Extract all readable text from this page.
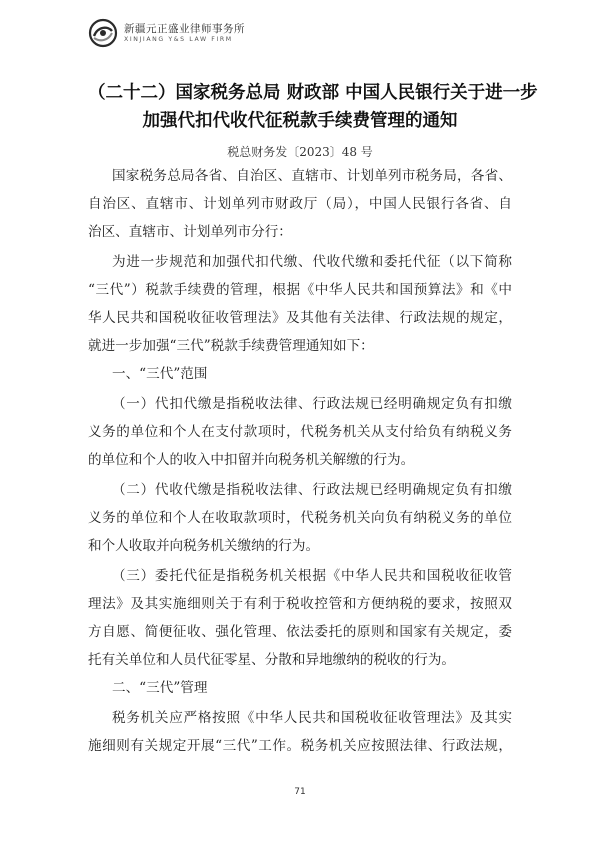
新疆元正盛业律师事务所
XINJIANG Y&S LAW FIRM
（二十二）国家税务总局 财政部 中国人民银行关于进一步
加强代扣代收代征税款手续费管理的通知
税总财务发〔2023〕48 号
国家税务总局各省、自治区、直辖市、计划单列市税务局，各省、
自治区、直辖市、计划单列市财政厅（局），中国人民银行各省、自
治区、直辖市、计划单列市分行：
为进一步规范和加强代扣代缴、代收代缴和委托代征（以下简称
“三代”）税款手续费的管理，根据《中华人民共和国预算法》和《中
华人民共和国税收征收管理法》及其他有关法律、行政法规的规定，
就进一步加强“三代”税款手续费管理通知如下：
一、“三代”范围
（一）代扣代缴是指税收法律、行政法规已经明确规定负有扣缴
义务的单位和个人在支付款项时，代税务机关从支付给负有纳税义务
的单位和个人的收入中扣留并向税务机关解缴的行为。
（二）代收代缴是指税收法律、行政法规已经明确规定负有扣缴
义务的单位和个人在收取款项时，代税务机关向负有纳税义务的单位
和个人收取并向税务机关缴纳的行为。
（三）委托代征是指税务机关根据《中华人民共和国税收征收管
理法》及其实施细则关于有利于税收控管和方便纳税的要求，按照双
方自愿、简便征收、强化管理、依法委托的原则和国家有关规定，委
托有关单位和人员代征零星、分散和异地缴纳的税收的行为。
二、“三代”管理
税务机关应严格按照《中华人民共和国税收征收管理法》及其实
施细则有关规定开展“三代”工作。税务机关应按照法律、行政法规，
71
